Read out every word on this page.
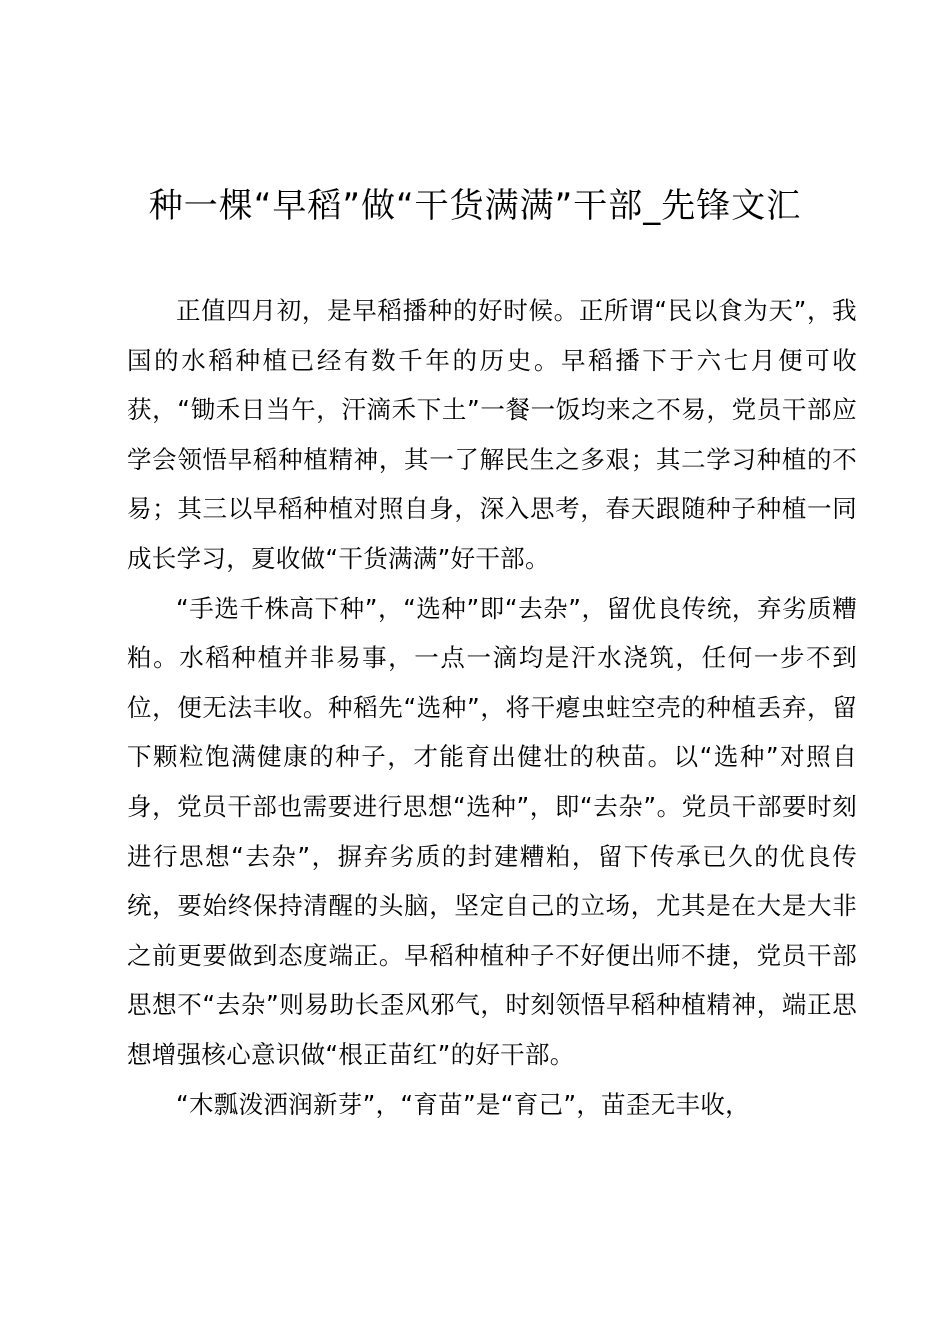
种一棵“早稻”做“干货满满”干部_先锋文汇

正值四月初，是早稻播种的好时候。正所谓“民以食为天”，我国的水稻种植已经有数千年的历史。早稻播下于六七月便可收获，“锄禾日当午，汗滴禾下土”一餐一饭均来之不易，党员干部应学会领悟早稻种植精神，其一了解民生之多艰；其二学习种植的不易；其三以早稻种植对照自身，深入思考，春天跟随种子种植一同成长学习，夏收做“干货满满”好干部。

“手选千株高下种”，“选种”即“去杂”，留优良传统，弃劣质糟粕。水稻种植并非易事，一点一滴均是汗水浇筑，任何一步不到位，便无法丰收。种稻先“选种”，将干瘪虫蛀空壳的种植丢弃，留下颗粒饱满健康的种子，才能育出健壮的秧苗。以“选种”对照自身，党员干部也需要进行思想“选种”，即“去杂”。党员干部要时刻进行思想“去杂”，摒弃劣质的封建糟粕，留下传承已久的优良传统，要始终保持清醒的头脑，坚定自己的立场，尤其是在大是大非之前更要做到态度端正。早稻种植种子不好便出师不捷，党员干部思想不“去杂”则易助长歪风邪气，时刻领悟早稻种植精神，端正思想增强核心意识做“根正苗红”的好干部。

“木瓢泼洒润新芽”，“育苗”是“育己”，苗歪无丰收，
